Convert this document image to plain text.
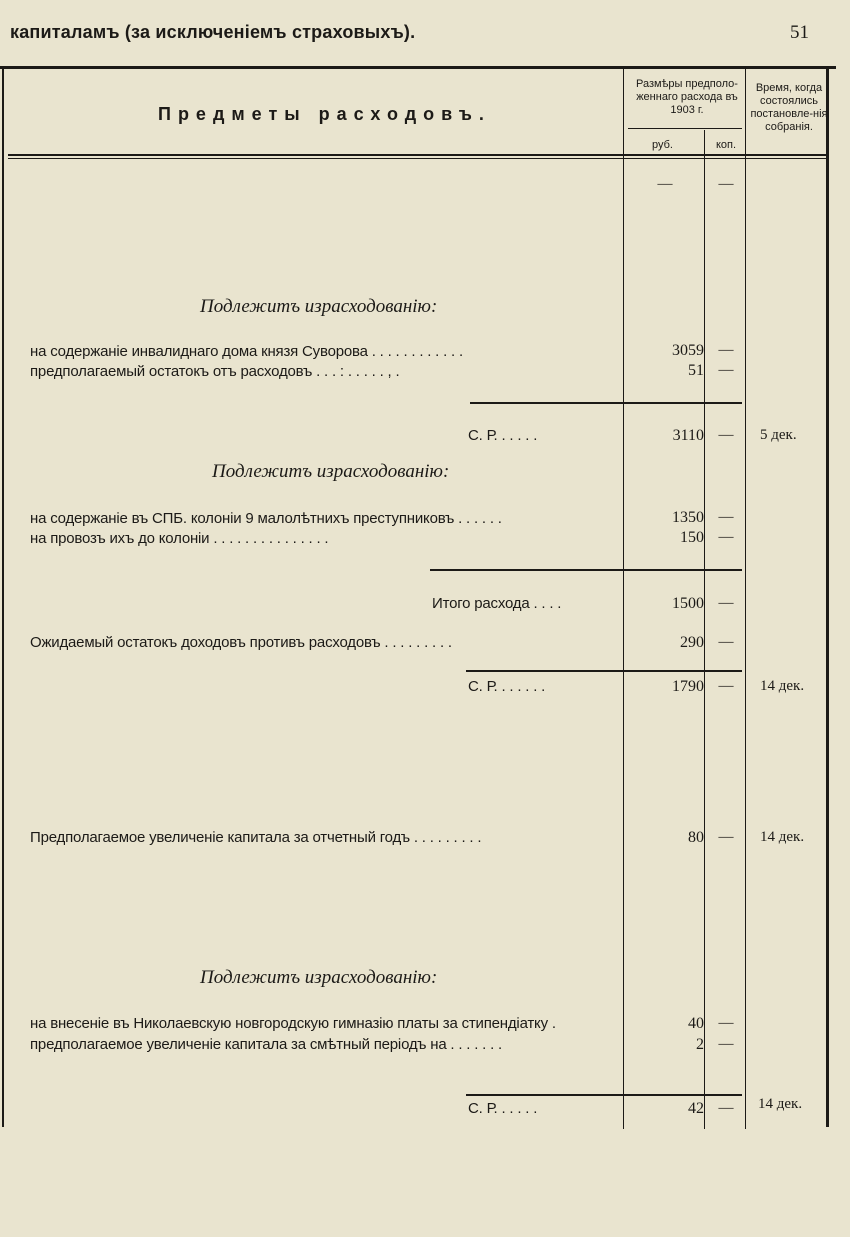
капиталамъ (за исключеніемъ страховыхъ).	51
Предметы расходовъ.
Размѣры предполо-женнаго расхода въ 1903 г.
Время, когда состоялись постановле-нія собранія.
руб.	коп.
—	—
Подлежитъ израсходованію:
на содержаніе инвалиднаго дома князя Суворова . . . . . . . . . . . .	3059 —
предполагаемый остатокъ отъ расходовъ . . . : . . . . . , .	51 —
С. Р. . . . . .	3110 —	5 дек.
Подлежитъ израсходованію:
на содержаніе въ СПБ. колоніи 9 малолѣтнихъ преступниковъ . . . . . .	1350 —
на провозъ ихъ до колоніи . . . . . . . . . . . . . . .	150 —
Итого расхода . . . .	1500 —
Ожидаемый остатокъ доходовъ противъ расходовъ . . . . . . . . .	290 —
С. Р. . . . . . .	1790 —	14 дек.
Предполагаемое увеличеніе капитала за отчетный годъ . . . . . . . . .	80 —	14 дек.
Подлежитъ израсходованію:
на внесеніе въ Николаевскую новгородскую гимназію платы за стипендіатку .	40 —
предполагаемое увеличеніе капитала за смѣтный періодъ на . . . . . . .	2 —
С. Р. . . . . .	42 —	14 дек.
